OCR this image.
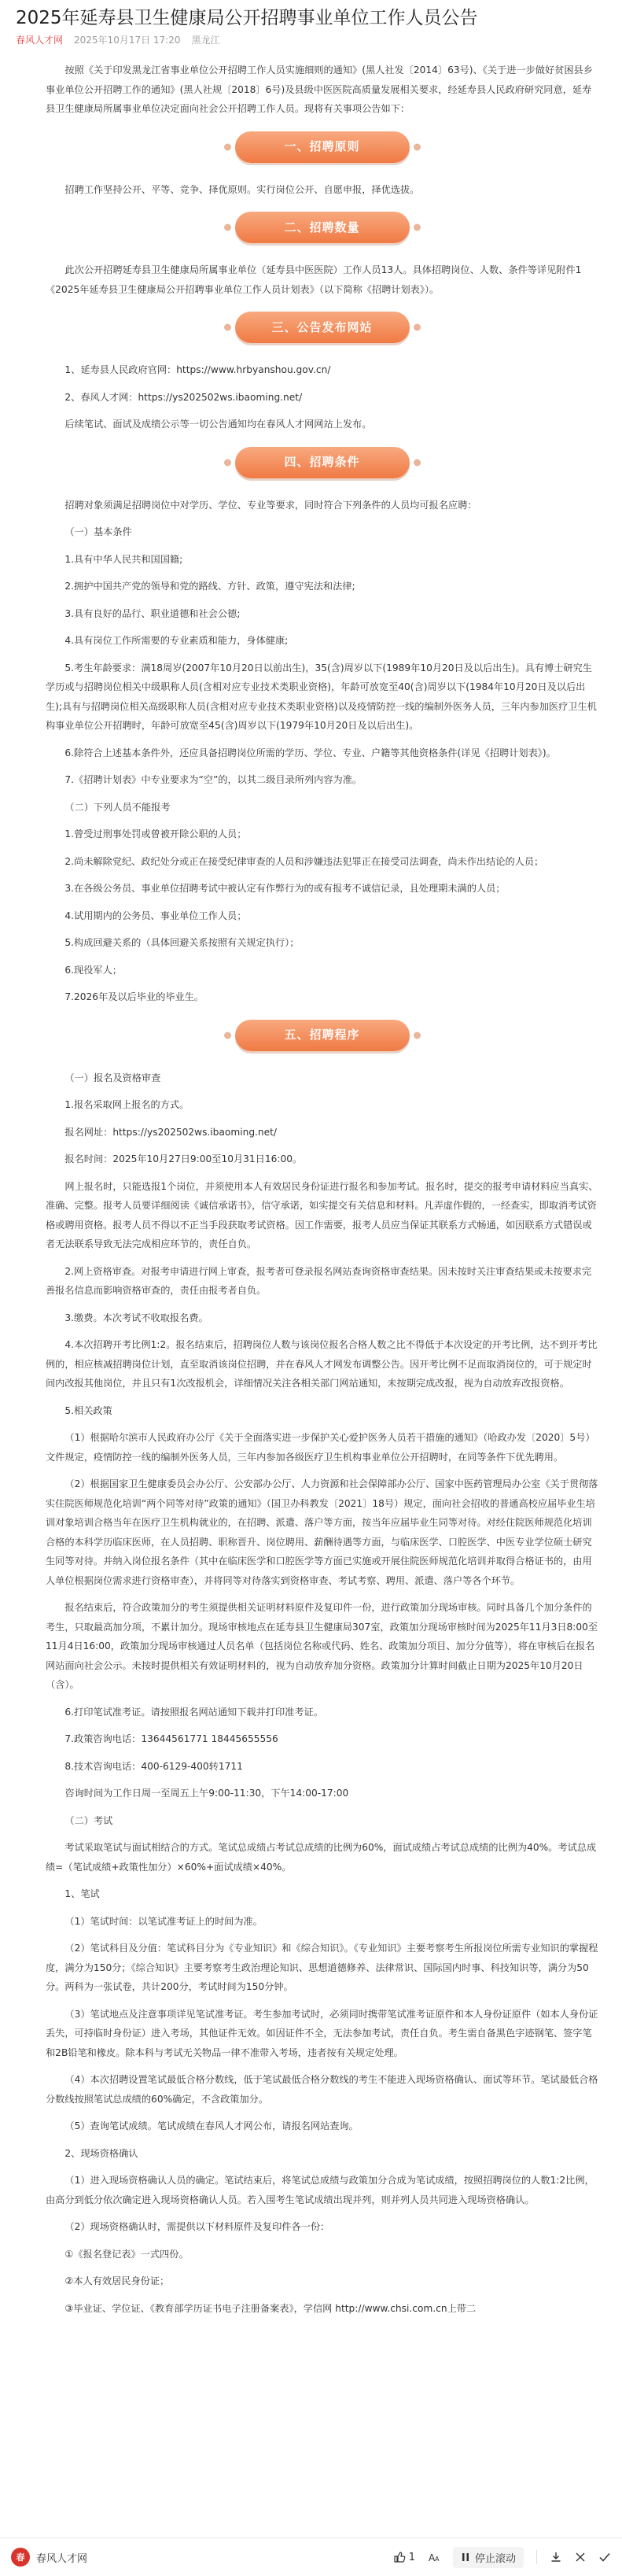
2025年延寿县卫生健康局公开招聘事业单位工作人员公告
春风人才网 2025年10月17日 17:20 黑龙江

按照《关于印发黑龙江省事业单位公开招聘工作人员实施细则的通知》(黑人社发〔2014〕63号)、《关于进一步做好贫困县乡事业单位公开招聘工作的通知》(黑人社规〔2018〕6号)及县级中医医院高质量发展相关要求，经延寿县人民政府研究同意，延寿县卫生健康局所属事业单位决定面向社会公开招聘工作人员。现将有关事项公告如下：

一、招聘原则

招聘工作坚持公开、平等、竞争、择优原则。实行岗位公开、自愿申报，择优选拔。

二、招聘数量

此次公开招聘延寿县卫生健康局所属事业单位（延寿县中医医院）工作人员13人。具体招聘岗位、人数、条件等详见附件1《2025年延寿县卫生健康局公开招聘事业单位工作人员计划表》（以下简称《招聘计划表》）。

三、公告发布网站

1、延寿县人民政府官网：https://www.hrbyanshou.gov.cn/

2、春风人才网：https://ys202502ws.ibaoming.net/

后续笔试、面试及成绩公示等一切公告通知均在春风人才网网站上发布。

四、招聘条件

招聘对象须满足招聘岗位中对学历、学位、专业等要求，同时符合下列条件的人员均可报名应聘：

（一）基本条件

1.具有中华人民共和国国籍;

2.拥护中国共产党的领导和党的路线、方针、政策，遵守宪法和法律;

3.具有良好的品行、职业道德和社会公德;

4.具有岗位工作所需要的专业素质和能力，身体健康;

5.考生年龄要求：满18周岁(2007年10月20日以前出生)，35(含)周岁以下(1989年10月20日及以后出生)。具有博士研究生学历或与招聘岗位相关中级职称人员(含相对应专业技术类职业资格)，年龄可放宽至40(含)周岁以下(1984年10月20日及以后出生);具有与招聘岗位相关高级职称人员(含相对应专业技术类职业资格)以及疫情防控一线的编制外医务人员，三年内参加医疗卫生机构事业单位公开招聘时，年龄可放宽至45(含)周岁以下(1979年10月20日及以后出生)。

6.除符合上述基本条件外，还应具备招聘岗位所需的学历、学位、专业、户籍等其他资格条件(详见《招聘计划表》)。

7.《招聘计划表》中专业要求为“空”的，以其二级目录所列内容为准。

（二）下列人员不能报考

1.曾受过刑事处罚或曾被开除公职的人员；

2.尚未解除党纪、政纪处分或正在接受纪律审查的人员和涉嫌违法犯罪正在接受司法调查，尚未作出结论的人员；

3.在各级公务员、事业单位招聘考试中被认定有作弊行为的或有报考不诚信记录，且处理期未满的人员；

4.试用期内的公务员、事业单位工作人员；

5.构成回避关系的（具体回避关系按照有关规定执行）；

6.现役军人；

7.2026年及以后毕业的毕业生。

五、招聘程序

（一）报名及资格审查

1.报名采取网上报名的方式。

报名网址：https://ys202502ws.ibaoming.net/

报名时间：2025年10月27日9:00至10月31日16:00。

网上报名时，只能选报1个岗位，并须使用本人有效居民身份证进行报名和参加考试。报名时，提交的报考申请材料应当真实、准确、完整。报考人员要详细阅读《诚信承诺书》，信守承诺，如实提交有关信息和材料。凡弄虚作假的，一经查实，即取消考试资格或聘用资格。报考人员不得以不正当手段获取考试资格。因工作需要，报考人员应当保证其联系方式畅通，如因联系方式错误或者无法联系导致无法完成相应环节的，责任自负。

2.网上资格审查。对报考申请进行网上审查，报考者可登录报名网站查询资格审查结果。因未按时关注审查结果或未按要求完善报名信息而影响资格审查的，责任由报考者自负。

3.缴费。本次考试不收取报名费。

4.本次招聘开考比例1:2。报名结束后，招聘岗位人数与该岗位报名合格人数之比不得低于本次设定的开考比例，达不到开考比例的，相应核减招聘岗位计划，直至取消该岗位招聘，并在春风人才网发布调整公告。因开考比例不足而取消岗位的，可于规定时间内改报其他岗位，并且只有1次改报机会，详细情况关注各相关部门网站通知，未按期完成改报，视为自动放弃改报资格。

5.相关政策

（1）根据哈尔滨市人民政府办公厅《关于全面落实进一步保护关心爱护医务人员若干措施的通知》（哈政办发〔2020〕5号）文件规定，疫情防控一线的编制外医务人员，三年内参加各级医疗卫生机构事业单位公开招聘时，在同等条件下优先聘用。

（2）根据国家卫生健康委员会办公厅、公安部办公厅、人力资源和社会保障部办公厅、国家中医药管理局办公室《关于贯彻落实住院医师规范化培训“两个同等对待”政策的通知》（国卫办科教发〔2021〕18号）规定，面向社会招收的普通高校应届毕业生培训对象培训合格当年在医疗卫生机构就业的，在招聘、派遣、落户等方面，按当年应届毕业生同等对待。对经住院医师规范化培训合格的本科学历临床医师，在人员招聘、职称晋升、岗位聘用、薪酬待遇等方面，与临床医学、口腔医学、中医专业学位硕士研究生同等对待。并纳入岗位报名条件（其中在临床医学和口腔医学等方面已实施或开展住院医师规范化培训并取得合格证书的，由用人单位根据岗位需求进行资格审查），并将同等对待落实到资格审查、考试考察、聘用、派遣、落户等各个环节。

报名结束后，符合政策加分的考生须提供相关证明材料原件及复印件一份，进行政策加分现场审核。同时具备几个加分条件的考生，只取最高加分项，不累计加分。现场审核地点在延寿县卫生健康局307室，政策加分现场审核时间为2025年11月3日8:00至11月4日16:00，政策加分现场审核通过人员名单（包括岗位名称或代码、姓名、政策加分项目、加分分值等），将在审核后在报名网站面向社会公示。未按时提供相关有效证明材料的，视为自动放弃加分资格。政策加分计算时间截止日期为2025年10月20日（含）。

6.打印笔试准考证。请按照报名网站通知下载并打印准考证。

7.政策咨询电话：13644561771 18445655556

8.技术咨询电话：400-6129-400转1711

咨询时间为工作日周一至周五上午9:00-11:30，下午14:00-17:00

（二）考试

考试采取笔试与面试相结合的方式。笔试总成绩占考试总成绩的比例为60%，面试成绩占考试总成绩的比例为40%。考试总成绩=（笔试成绩+政策性加分）×60%+面试成绩×40%。

1、笔试

（1）笔试时间：以笔试准考证上的时间为准。

（2）笔试科目及分值：笔试科目分为《专业知识》和《综合知识》。《专业知识》主要考察考生所报岗位所需专业知识的掌握程度，满分为150分；《综合知识》主要考察考生政治理论知识、思想道德修养、法律常识、国际国内时事、科技知识等，满分为50分。两科为一张试卷，共计200分，考试时间为150分钟。

（3）笔试地点及注意事项详见笔试准考证。考生参加考试时，必须同时携带笔试准考证原件和本人身份证原件（如本人身份证丢失，可持临时身份证）进入考场，其他证件无效。如因证件不全，无法参加考试，责任自负。考生需自备黑色字迹钢笔、签字笔和2B铅笔和橡皮。除本科与考试无关物品一律不准带入考场，违者按有关规定处理。

（4）本次招聘设置笔试最低合格分数线，低于笔试最低合格分数线的考生不能进入现场资格确认、面试等环节。笔试最低合格分数线按照笔试总成绩的60%确定，不含政策加分。

（5）查询笔试成绩。笔试成绩在春风人才网公布，请报名网站查询。

2、现场资格确认

（1）进入现场资格确认人员的确定。笔试结束后，将笔试总成绩与政策加分合成为笔试成绩，按照招聘岗位的人数1:2比例，由高分到低分依次确定进入现场资格确认人员。若入围考生笔试成绩出现并列，则并列人员共同进入现场资格确认。

（2）现场资格确认时，需提供以下材料原件及复印件各一份：

①《报名登记表》一式四份。

②本人有效居民身份证；

③毕业证、学位证、《教育部学历证书电子注册备案表》，学信网 http://www.chsi.com.cn上带二

春	春风人才网	1 A A	停止滚动
